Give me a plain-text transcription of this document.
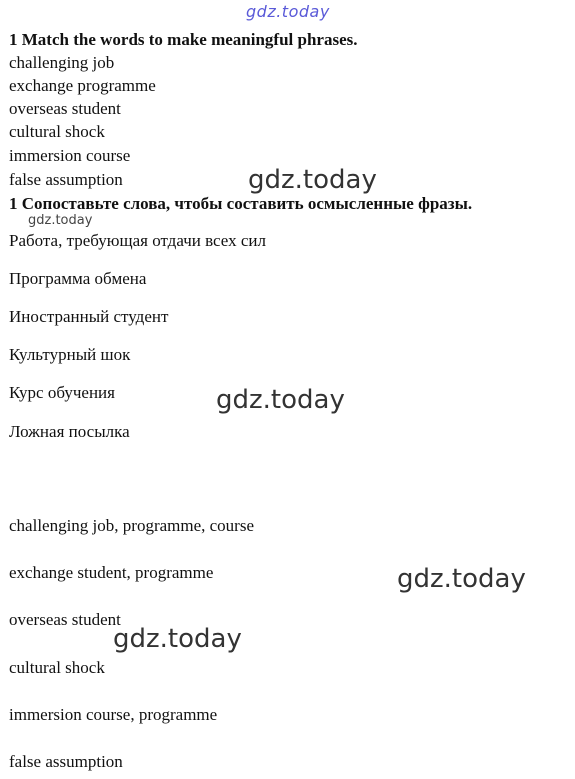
gdz.today
gdz.today
gdz.today
gdz.today
gdz.today
gdz.today
1 Match the words to make meaningful phrases.
challenging job
exchange programme
overseas student
cultural shock
immersion course
false assumption
1 Сопоставьте слова, чтобы составить осмысленные фразы.
Работа, требующая отдачи всех сил
Программа обмена
Иностранный студент
Культурный шок
Курс обучения
Ложная посылка
challenging job, programme, course
exchange student, programme
overseas student
cultural shock
immersion course, programme
false assumption
